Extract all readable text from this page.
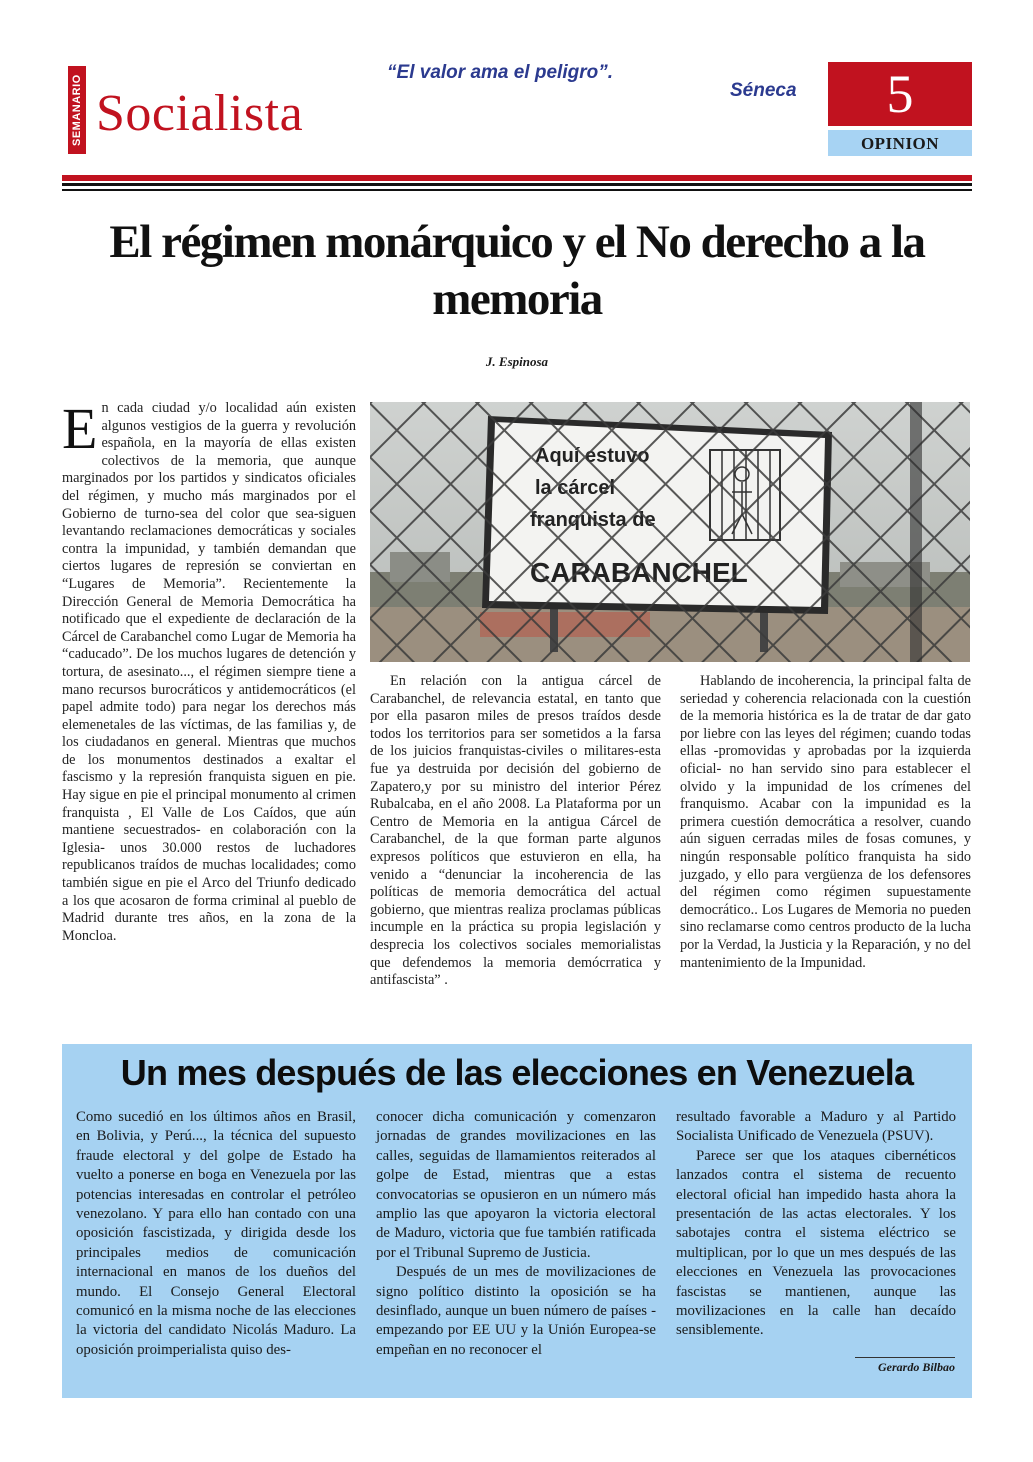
SEMANARIO Socialista
“El valor ama el peligro”.
Séneca	5
OPINION
El régimen monárquico y el No derecho a la memoria
J. Espinosa
E n cada ciudad y/o localidad aún existen algunos vestigios de la guerra y revolución española, en la mayoría de ellas existen colectivos de la memoria, que aunque marginados por los partidos y sindicatos oficiales del régimen, y mucho más marginados por el Gobierno de turno-sea del color que sea-siguen levantando reclamaciones democráticas y sociales contra la impunidad, y también demandan que ciertos lugares de represión se conviertan en “Lugares de Memoria”. Recientemente la Dirección General de Memoria Democrática ha notificado que el expediente de declaración de la Cárcel de Carabanchel como Lugar de Memoria ha “caducado”. De los muchos lugares de detención y tortura, de asesinato..., el régimen siempre tiene a mano recursos burocráticos y antidemocráticos (el papel admite todo) para negar los derechos más elemenetales de las víctimas, de las familias y, de los ciudadanos en general. Mientras que muchos de los monumentos destinados a exaltar el fascismo y la represión franquista siguen en pie. Hay sigue en pie el principal monumento al crimen franquista , El Valle de Los Caídos, que aún mantiene secuestrados- en colaboración con la Iglesia- unos 30.000 restos de luchadores republicanos traídos de muchas localidades; como también sigue en pie el Arco del Triunfo dedicado a los que acosaron de forma criminal al pueblo de Madrid durante tres años, en la zona de la Moncloa.

En relación con la antigua cárcel de Carabanchel, de relevancia estatal, en tanto que por ella pasaron miles de presos traídos desde todos los territorios para ser sometidos a la farsa de los juicios franquistas-civiles o militares-esta fue ya destruida por decisión del gobierno de Zapatero,y por su ministro del interior Pérez Rubalcaba, en el año 2008. La Plataforma por un Centro de Memoria en la antigua Cárcel de Carabanchel, de la que forman parte algunos expresos políticos que estuvieron en ella, ha venido a “denunciar la incoherencia de las políticas de memoria democrática del actual gobierno, que mientras realiza proclamas públicas incumple en la práctica su propia legislación y desprecia los colectivos sociales memorialistas que defendemos la memoria demócrratica y antifascista” .

Hablando de incoherencia, la principal falta de seriedad y coherencia relacionada con la cuestión de la memoria histórica es la de tratar de dar gato por liebre con las leyes del régimen; cuando todas ellas -promovidas y aprobadas por la izquierda oficial- no han servido sino para establecer el olvido y la impunidad de los crímenes del franquismo. Acabar con la impunidad es la primera cuestión democrática a resolver, cuando aún siguen cerradas miles de fosas comunes, y ningún responsable político franquista ha sido juzgado, y ello para vergüenza de los defensores del régimen como régimen supuestamente democrático.. Los Lugares de Memoria no pueden sino reclamarse como centros producto de la lucha por la Verdad, la Justicia y la Reparación, y no del mantenimiento de la Impunidad.

Un mes después de las elecciones en Venezuela

Como sucedió en los últimos años en Brasil, en Bolivia, y Perú..., la técnica del supuesto fraude electoral y del golpe de Estado ha vuelto a ponerse en boga en Venezuela por las potencias interesadas en controlar el petróleo venezolano. Y para ello han contado con una oposición fascistizada, y dirigida desde los principales medios de comunicación internacional en manos de los dueños del mundo. El Consejo General Electoral comunicó en la misma noche de las elecciones la victoria del candidato Nicolás Maduro. La oposición proimperialista quiso des-

conocer dicha comunicación y comenzaron jornadas de grandes movilizaciones en las calles, seguidas de llamamientos reiterados al golpe de Estad, mientras que a estas convocatorias se opusieron en un número más amplio las que apoyaron la victoria electoral de Maduro, victoria que fue también ratificada por el Tribunal Supremo de Justicia.

Después de un mes de movilizaciones de signo político distinto la oposición se ha desinflado, aunque un buen número de países -empezando por EE UU y la Unión Europea-se empeñan en no reconocer el

resultado favorable a Maduro y al Partido Socialista Unificado de Venezuela (PSUV).

Parece ser que los ataques cibernéticos lanzados contra el sistema de recuento electoral oficial han impedido hasta ahora la presentación de las actas electorales. Y los sabotajes contra el sistema eléctrico se multiplican, por lo que un mes después de las elecciones en Venezuela las provocaciones fascistas se mantienen, aunque las movilizaciones en la calle han decaído sensiblemente.

Gerardo Bilbao
